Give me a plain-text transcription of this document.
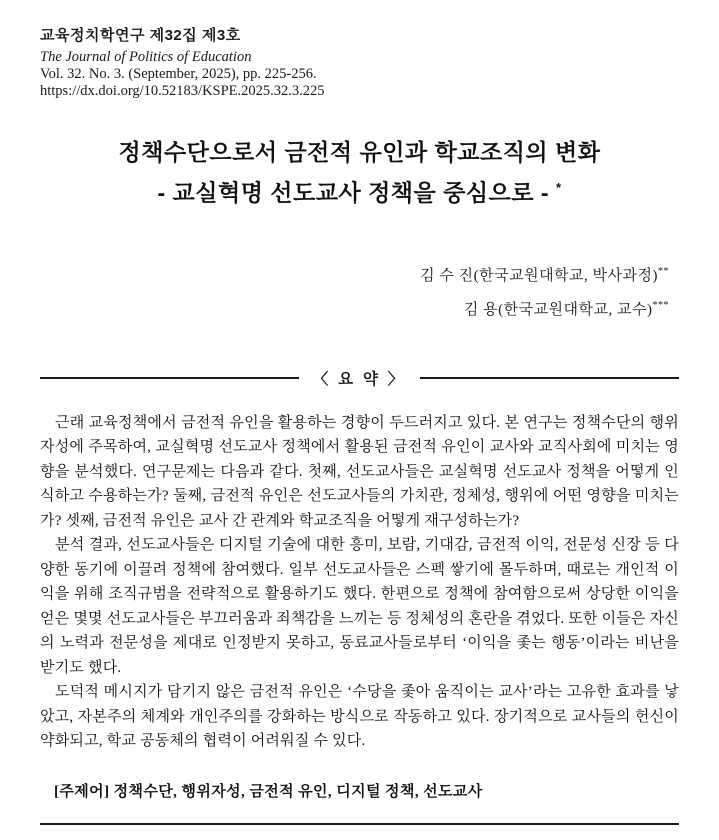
교육정치학연구 제32집 제3호
The Journal of Politics of Education
Vol. 32. No. 3. (September, 2025), pp. 225-256.
https://dx.doi.org/10.52183/KSPE.2025.32.3.225
정책수단으로서 금전적 유인과 학교조직의 변화
- 교실혁명 선도교사 정책을 중심으로 - *
김 수 진(한국교원대학교, 박사과정)**
김 용(한국교원대학교, 교수)***
〈 요 약 〉

근래 교육정책에서 금전적 유인을 활용하는 경향이 두드러지고 있다. 본 연구는 정책수단의 행위자성에 주목하여, 교실혁명 선도교사 정책에서 활용된 금전적 유인이 교사와 교직사회에 미치는 영향을 분석했다. 연구문제는 다음과 같다. 첫째, 선도교사들은 교실혁명 선도교사 정책을 어떻게 인식하고 수용하는가? 둘째, 금전적 유인은 선도교사들의 가치관, 정체성, 행위에 어떤 영향을 미치는가? 셋째, 금전적 유인은 교사 간 관계와 학교조직을 어떻게 재구성하는가?

분석 결과, 선도교사들은 디지털 기술에 대한 흥미, 보람, 기대감, 금전적 이익, 전문성 신장 등 다양한 동기에 이끌려 정책에 참여했다. 일부 선도교사들은 스펙 쌓기에 몰두하며, 때로는 개인적 이익을 위해 조직규범을 전략적으로 활용하기도 했다. 한편으로 정책에 참여함으로써 상당한 이익을 얻은 몇몇 선도교사들은 부끄러움과 죄책감을 느끼는 등 정체성의 혼란을 겪었다. 또한 이들은 자신의 노력과 전문성을 제대로 인정받지 못하고, 동료교사들로부터 ‘이익을 좇는 행동’이라는 비난을 받기도 했다.

도덕적 메시지가 담기지 않은 금전적 유인은 ‘수당을 좇아 움직이는 교사’라는 고유한 효과를 낳았고, 자본주의 체계와 개인주의를 강화하는 방식으로 작동하고 있다. 장기적으로 교사들의 헌신이 약화되고, 학교 공동체의 협력이 어려워질 수 있다.

[주제어] 정책수단, 행위자성, 금전적 유인, 디지털 정책, 선도교사
